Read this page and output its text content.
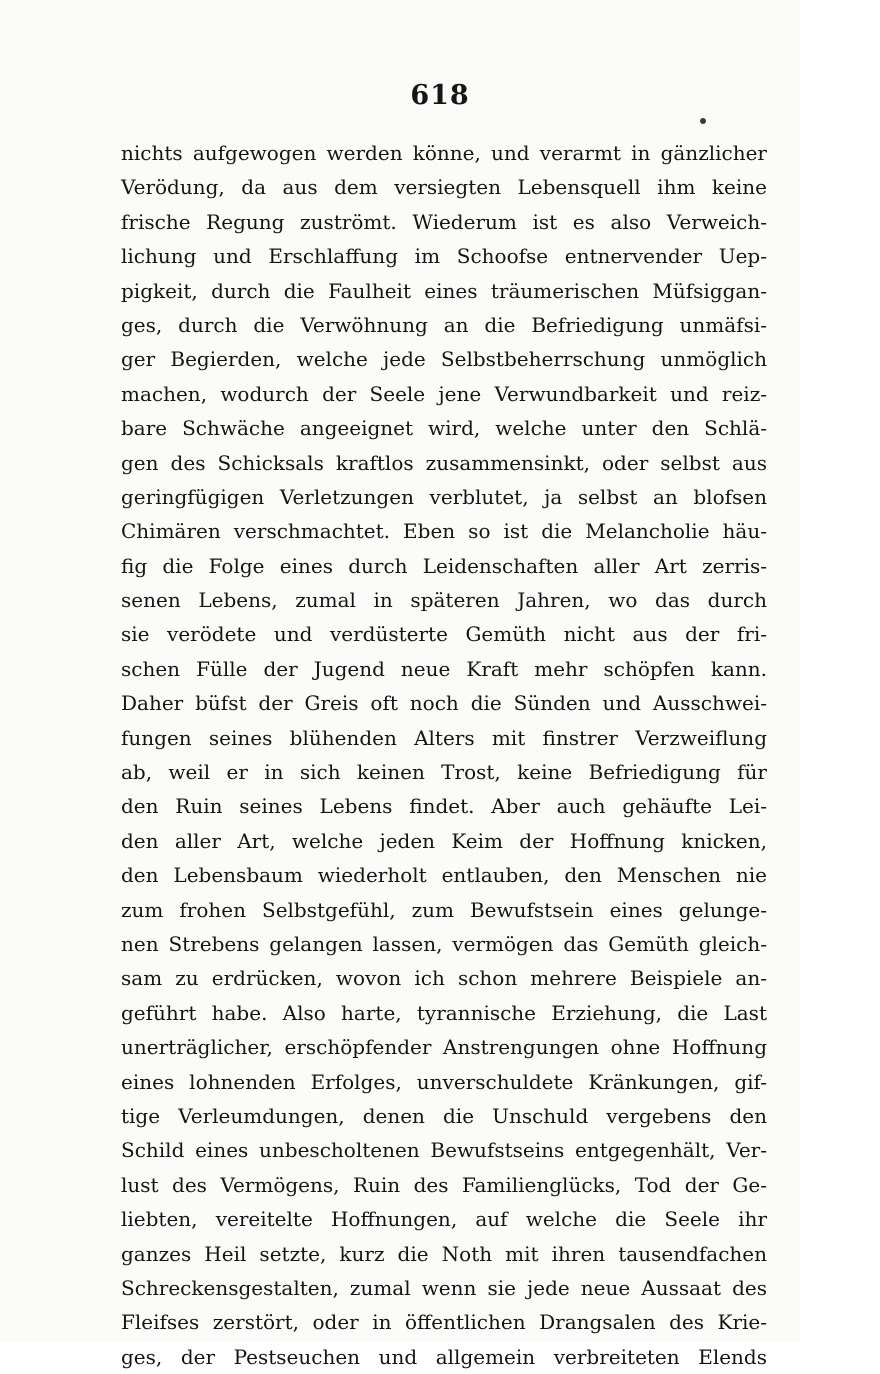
618
nichts aufgewogen werden könne, und verarmt in gänzlicher
Verödung, da aus dem versiegten Lebensquell ihm keine
frische Regung zuströmt. Wiederum ist es also Verweich-
lichung und Erschlaffung im Schoofse entnervender Uep-
pigkeit, durch die Faulheit eines träumerischen Müfsiggan-
ges, durch die Verwöhnung an die Befriedigung unmäfsi-
ger Begierden, welche jede Selbstbeherrschung unmöglich
machen, wodurch der Seele jene Verwundbarkeit und reiz-
bare Schwäche angeeignet wird, welche unter den Schlä-
gen des Schicksals kraftlos zusammensinkt, oder selbst aus
geringfügigen Verletzungen verblutet, ja selbst an blofsen
Chimären verschmachtet. Eben so ist die Melancholie häu-
fig die Folge eines durch Leidenschaften aller Art zerris-
senen Lebens, zumal in späteren Jahren, wo das durch
sie verödete und verdüsterte Gemüth nicht aus der fri-
schen Fülle der Jugend neue Kraft mehr schöpfen kann.
Daher büfst der Greis oft noch die Sünden und Ausschwei-
fungen seines blühenden Alters mit finstrer Verzweiflung
ab, weil er in sich keinen Trost, keine Befriedigung für
den Ruin seines Lebens findet. Aber auch gehäufte Lei-
den aller Art, welche jeden Keim der Hoffnung knicken,
den Lebensbaum wiederholt entlauben, den Menschen nie
zum frohen Selbstgefühl, zum Bewufstsein eines gelunge-
nen Strebens gelangen lassen, vermögen das Gemüth gleich-
sam zu erdrücken, wovon ich schon mehrere Beispiele an-
geführt habe. Also harte, tyrannische Erziehung, die Last
unerträglicher, erschöpfender Anstrengungen ohne Hoffnung
eines lohnenden Erfolges, unverschuldete Kränkungen, gif-
tige Verleumdungen, denen die Unschuld vergebens den
Schild eines unbescholtenen Bewufstseins entgegenhält, Ver-
lust des Vermögens, Ruin des Familienglücks, Tod der Ge-
liebten, vereitelte Hoffnungen, auf welche die Seele ihr
ganzes Heil setzte, kurz die Noth mit ihren tausendfachen
Schreckensgestalten, zumal wenn sie jede neue Aussaat des
Fleifses zerstört, oder in öffentlichen Drangsalen des Krie-
ges, der Pestseuchen und allgemein verbreiteten Elends
